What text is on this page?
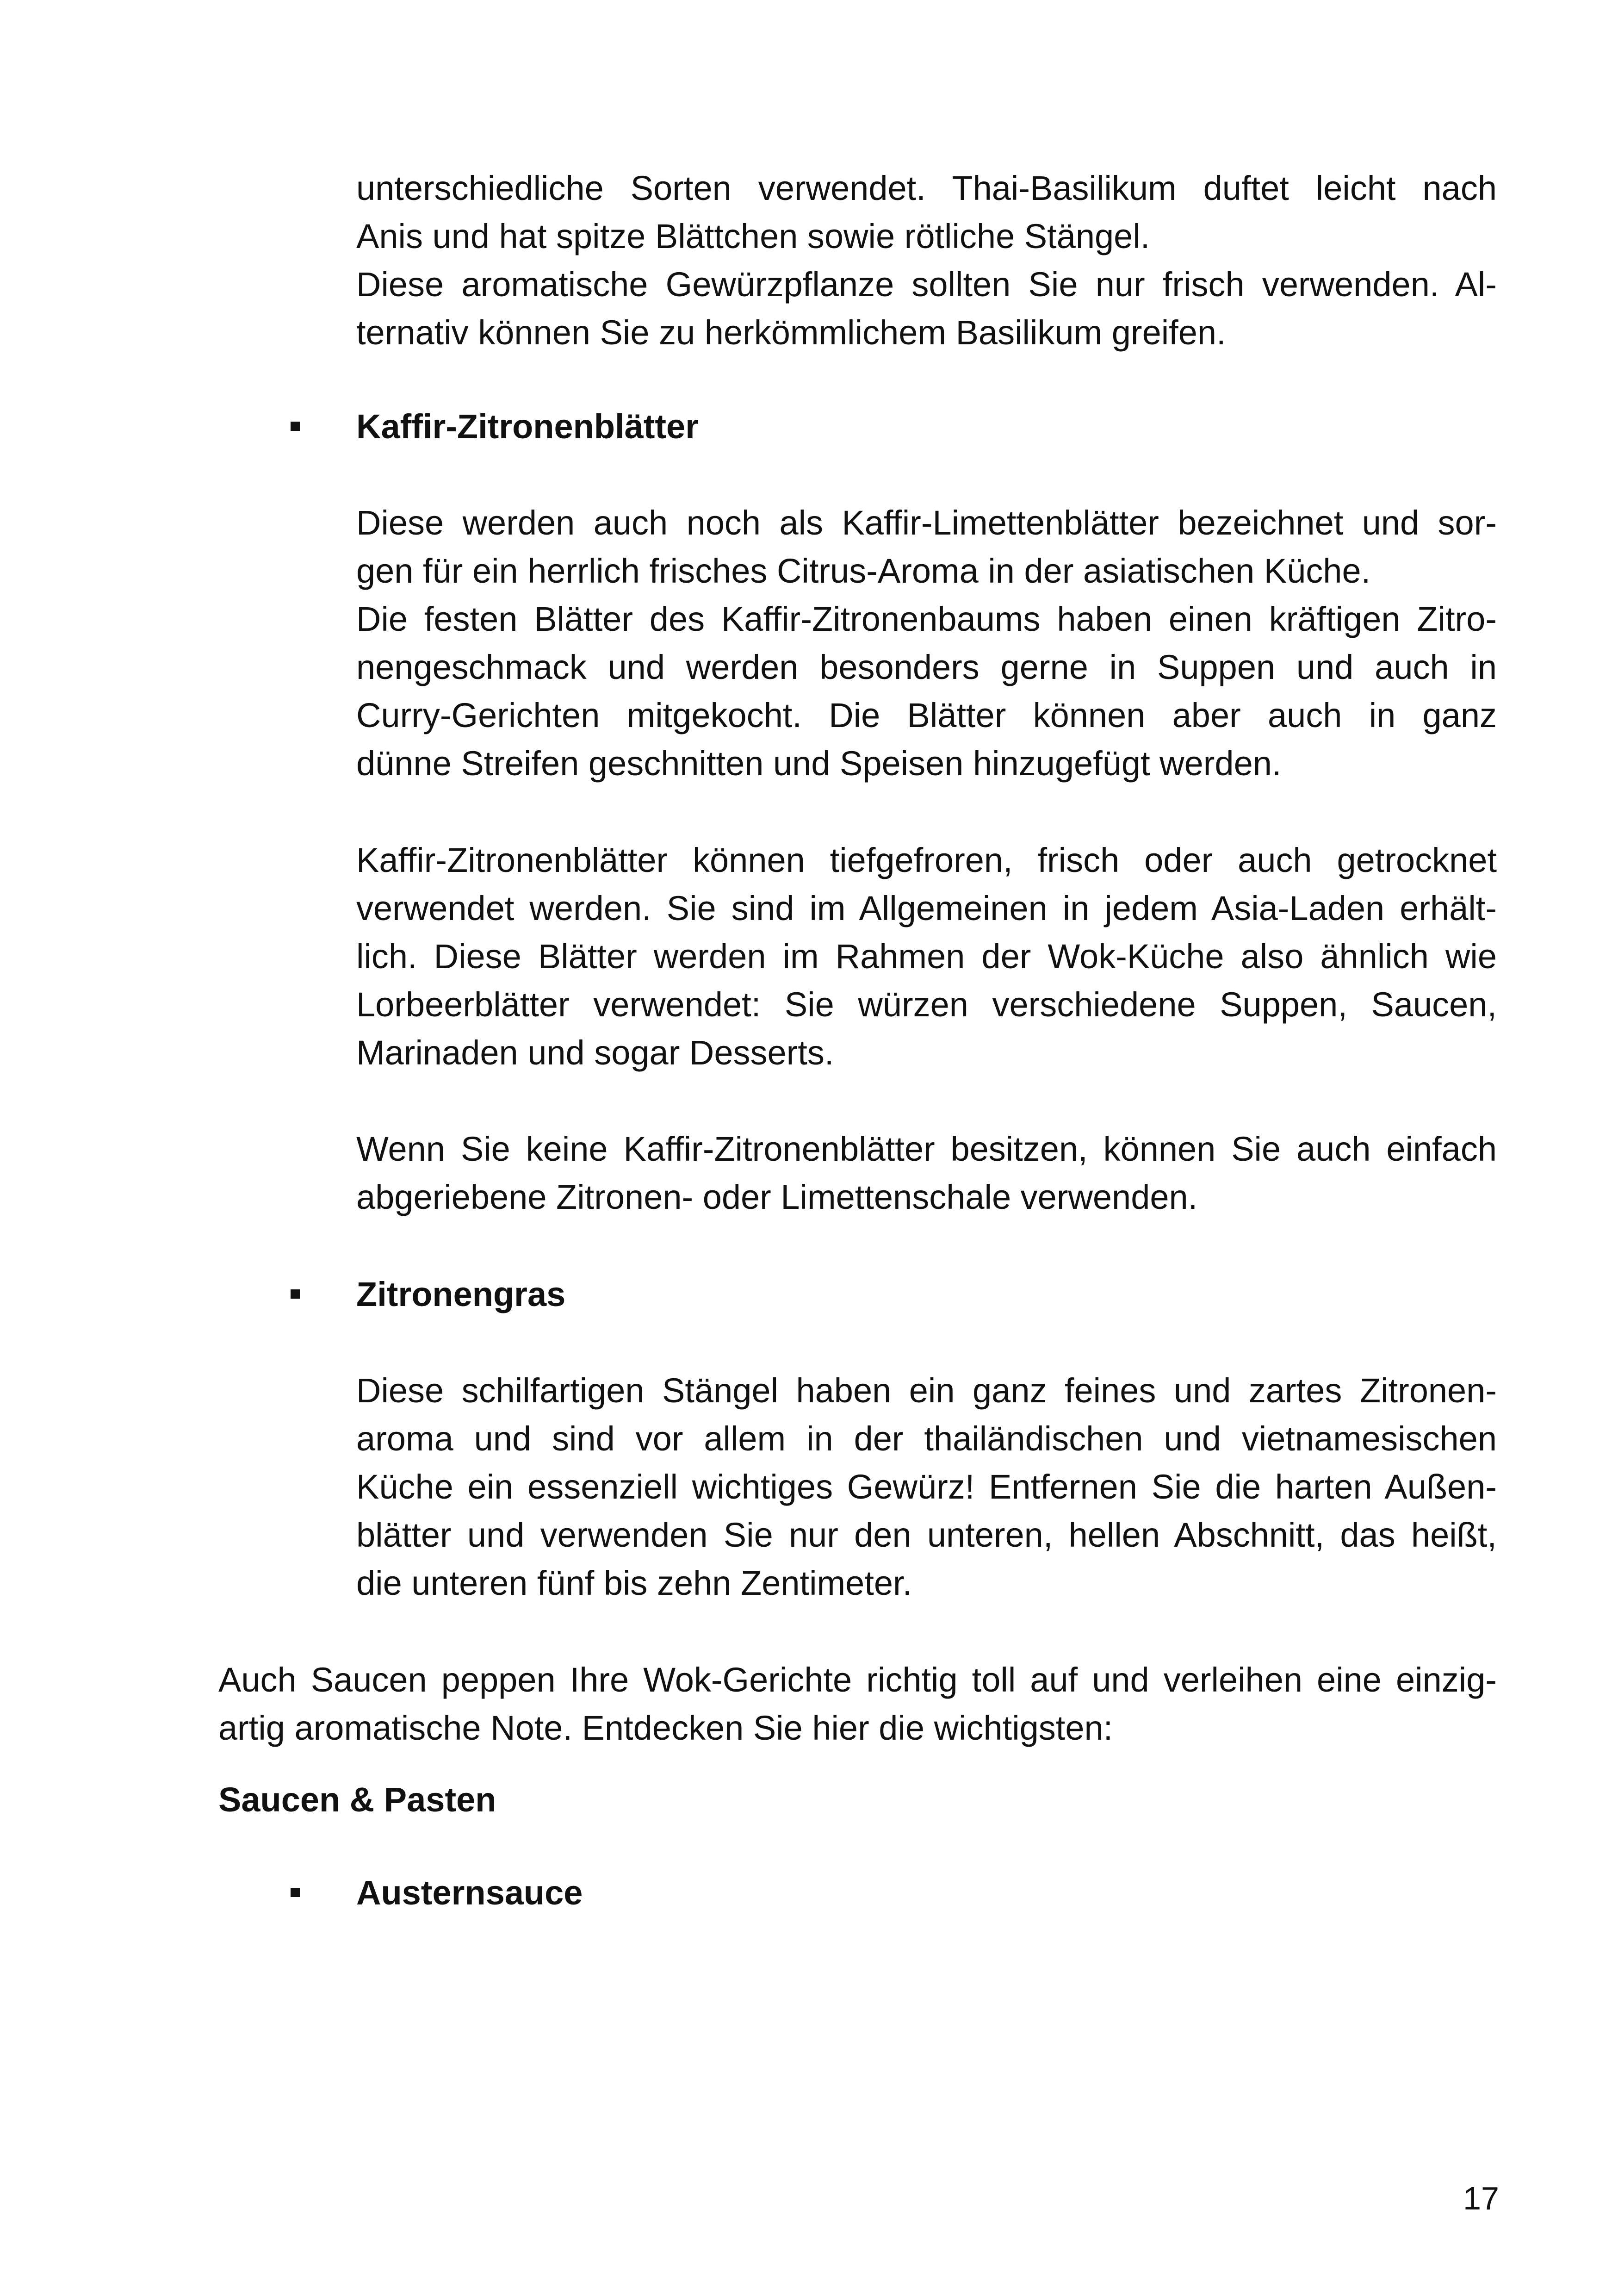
unterschiedliche Sorten verwendet. Thai-Basilikum duftet leicht nach

Anis und hat spitze Blättchen sowie rötliche Stängel.

Diese aromatische Gewürzpflanze sollten Sie nur frisch verwenden. Al-

ternativ können Sie zu herkömmlichem Basilikum greifen.

Kaffir-Zitronenblätter

Diese werden auch noch als Kaffir-Limettenblätter bezeichnet und sor-

gen für ein herrlich frisches Citrus-Aroma in der asiatischen Küche.

Die festen Blätter des Kaffir-Zitronenbaums haben einen kräftigen Zitro-

nengeschmack und werden besonders gerne in Suppen und auch in

Curry-Gerichten mitgekocht. Die Blätter können aber auch in ganz

dünne Streifen geschnitten und Speisen hinzugefügt werden.

Kaffir-Zitronenblätter können tiefgefroren, frisch oder auch getrocknet

verwendet werden. Sie sind im Allgemeinen in jedem Asia-Laden erhält-

lich. Diese Blätter werden im Rahmen der Wok-Küche also ähnlich wie

Lorbeerblätter verwendet: Sie würzen verschiedene Suppen, Saucen,

Marinaden und sogar Desserts.

Wenn Sie keine Kaffir-Zitronenblätter besitzen, können Sie auch einfach

abgeriebene Zitronen- oder Limettenschale verwenden.

Zitronengras

Diese schilfartigen Stängel haben ein ganz feines und zartes Zitronen-

aroma und sind vor allem in der thailändischen und vietnamesischen

Küche ein essenziell wichtiges Gewürz! Entfernen Sie die harten Außen-

blätter und verwenden Sie nur den unteren, hellen Abschnitt, das heißt,

die unteren fünf bis zehn Zentimeter.

Auch Saucen peppen Ihre Wok-Gerichte richtig toll auf und verleihen eine einzig-

artig aromatische Note. Entdecken Sie hier die wichtigsten:

Saucen & Pasten

Austernsauce

17
